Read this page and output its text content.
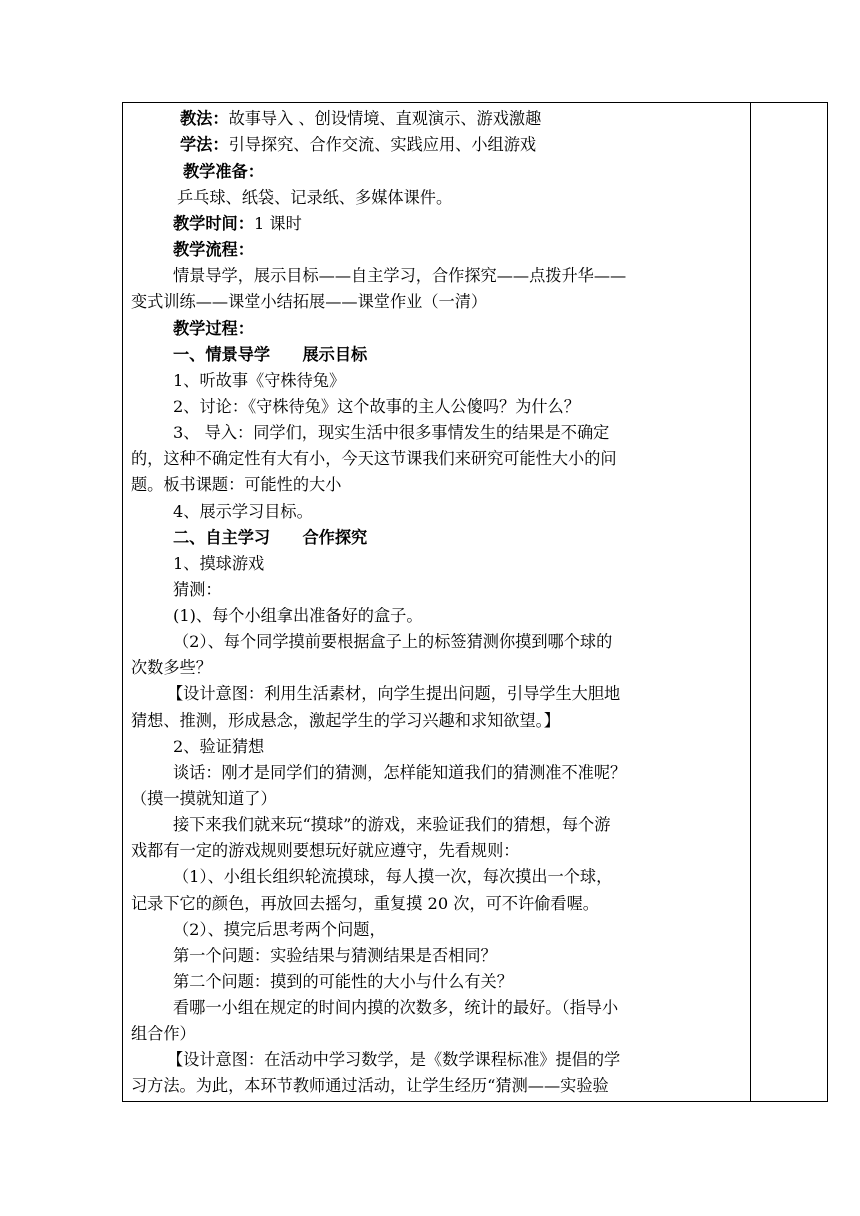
教法：故事导入 、创设情境、直观演示、游戏激趣
学法：引导探究、合作交流、实践应用、小组游戏
教学准备：
乒乓球、纸袋、记录纸、多媒体课件。
教学时间：1 课时
教学流程：
情景导学，展示目标——自主学习，合作探究——点拨升华——
变式训练——课堂小结拓展——课堂作业（一清）
教学过程：
一、情景导学　　展示目标
1、听故事《守株待兔》
2、讨论：《守株待兔》这个故事的主人公傻吗？为什么？
3、 导入：同学们，现实生活中很多事情发生的结果是不确定
的，这种不确定性有大有小，今天这节课我们来研究可能性大小的问
题。板书课题：可能性的大小
4、展示学习目标。
二、自主学习　　合作探究
1、摸球游戏
猜测：
(1)、每个小组拿出准备好的盒子。
（2）、每个同学摸前要根据盒子上的标签猜测你摸到哪个球的
次数多些？
【设计意图：利用生活素材，向学生提出问题，引导学生大胆地
猜想、推测，形成悬念，激起学生的学习兴趣和求知欲望。】
2、验证猜想
谈话：刚才是同学们的猜测，怎样能知道我们的猜测准不准呢？
（摸一摸就知道了）
接下来我们就来玩“摸球”的游戏，来验证我们的猜想，每个游
戏都有一定的游戏规则要想玩好就应遵守，先看规则：
（1）、小组长组织轮流摸球，每人摸一次，每次摸出一个球，
记录下它的颜色，再放回去摇匀，重复摸 20 次，可不许偷看喔。
（2）、摸完后思考两个问题，
第一个问题：实验结果与猜测结果是否相同？
第二个问题：摸到的可能性的大小与什么有关？
看哪一小组在规定的时间内摸的次数多，统计的最好。（指导小
组合作）
【设计意图：在活动中学习数学，是《数学课程标准》提倡的学
习方法。为此，本环节教师通过活动，让学生经历“猜测——实验验
